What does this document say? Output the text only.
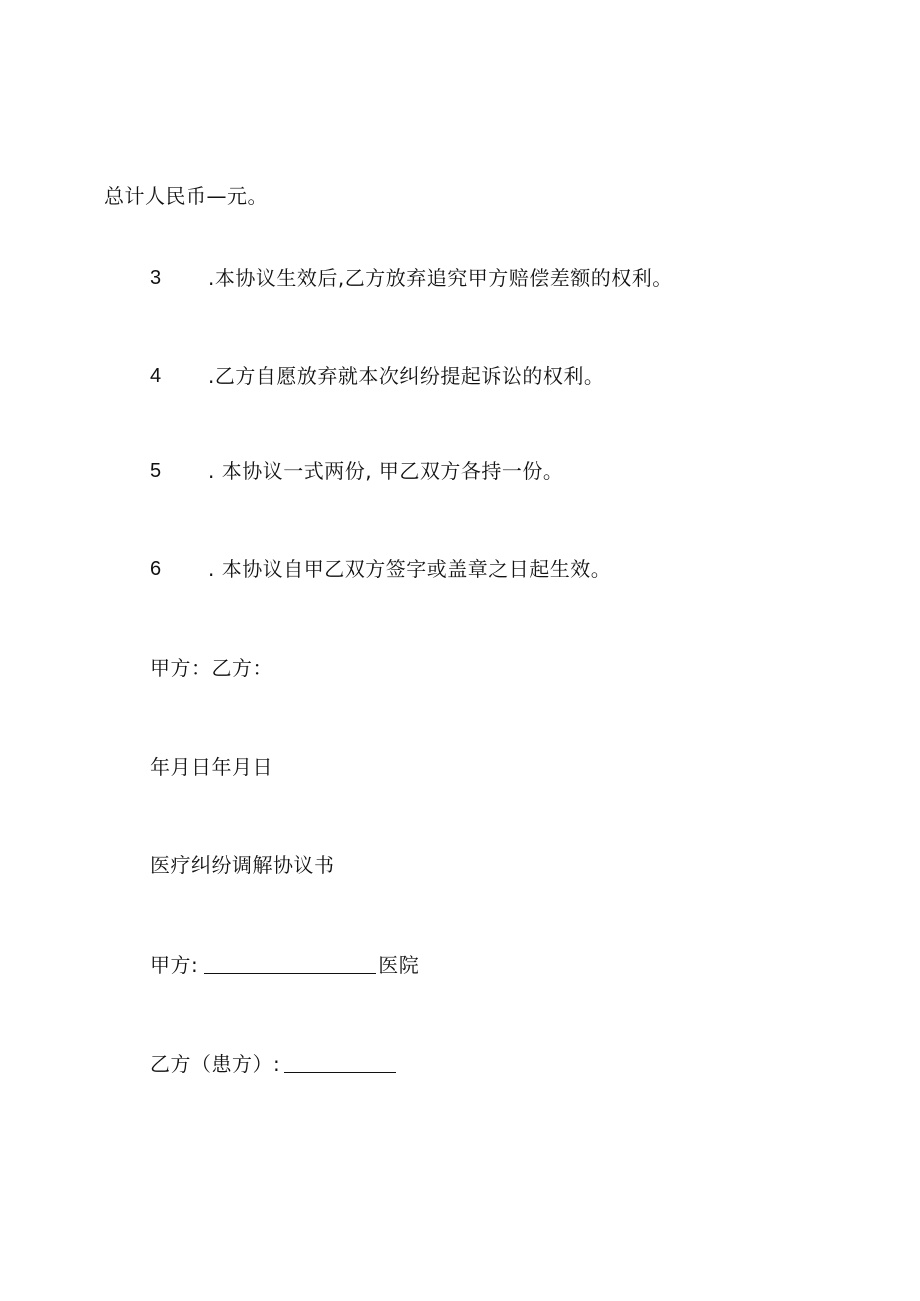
总计人民币—元。
3 .本协议生效后,乙方放弃追究甲方赔偿差额的权利。
4 .乙方自愿放弃就本次纠纷提起诉讼的权利。
5 . 本协议一式两份, 甲乙双方各持一份。
6 . 本协议自甲乙双方签字或盖章之日起生效。
甲方：乙方：
年月日年月日
医疗纠纷调解协议书
甲方:	医院
乙方（患方）:
